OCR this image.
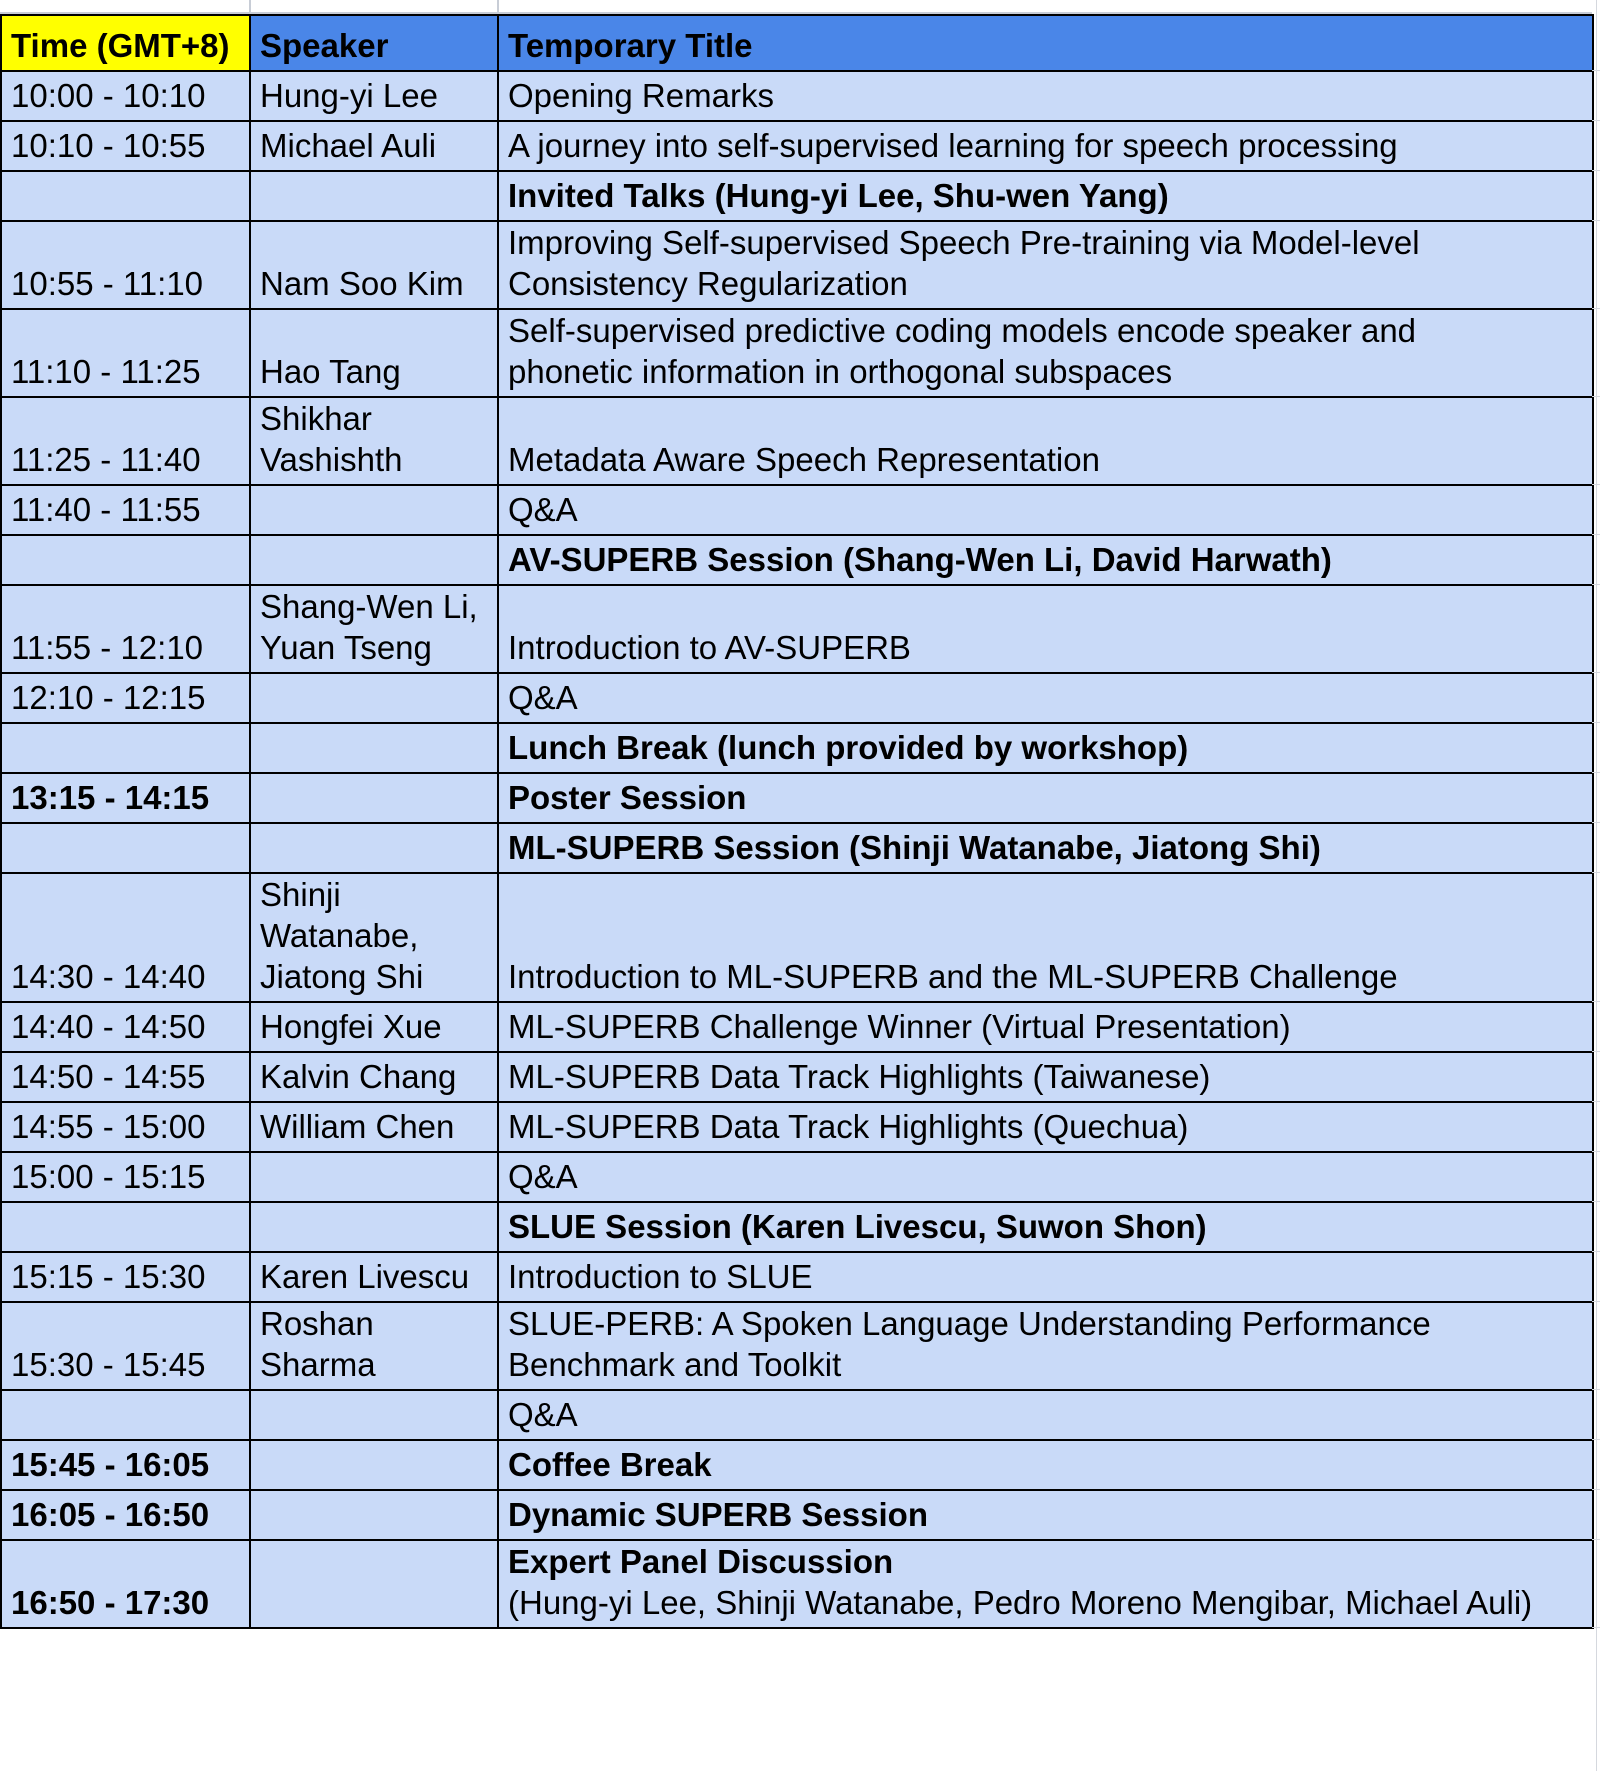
Time (GMT+8)	Speaker	Temporary Title
10:00 - 10:10	Hung-yi Lee	Opening Remarks

10:10 - 10:55	Michael Auli	A journey into self-supervised learning for speech processing

		Invited Talks (Hung-yi Lee, Shu-wen Yang)

10:55 - 11:10	Nam Soo Kim	Improving Self-supervised Speech Pre-training via Model-level
Consistency Regularization

11:10 - 11:25	Hao Tang	Self-supervised predictive coding models encode speaker and
phonetic information in orthogonal subspaces

11:25 - 11:40	Shikhar
Vashishth	Metadata Aware Speech Representation

11:40 - 11:55		Q&A

		AV-SUPERB Session (Shang-Wen Li, David Harwath)

11:55 - 12:10	Shang-Wen Li,
Yuan Tseng	Introduction to AV-SUPERB

12:10 - 12:15		Q&A

		Lunch Break (lunch provided by workshop)

13:15 - 14:15		Poster Session

		ML-SUPERB Session (Shinji Watanabe, Jiatong Shi)

14:30 - 14:40	Shinji
Watanabe,
Jiatong Shi	Introduction to ML-SUPERB and the ML-SUPERB Challenge

14:40 - 14:50	Hongfei Xue	ML-SUPERB Challenge Winner (Virtual Presentation)

14:50 - 14:55	Kalvin Chang	ML-SUPERB Data Track Highlights (Taiwanese)

14:55 - 15:00	William Chen	ML-SUPERB Data Track Highlights (Quechua)

15:00 - 15:15		Q&A

		SLUE Session (Karen Livescu, Suwon Shon)

15:15 - 15:30	Karen Livescu	Introduction to SLUE

15:30 - 15:45	Roshan
Sharma	SLUE-PERB: A Spoken Language Understanding Performance
Benchmark and Toolkit

		Q&A

15:45 - 16:05		Coffee Break

16:05 - 16:50		Dynamic SUPERB Session

16:50 - 17:30		Expert Panel Discussion
(Hung-yi Lee, Shinji Watanabe, Pedro Moreno Mengibar, Michael Auli)
